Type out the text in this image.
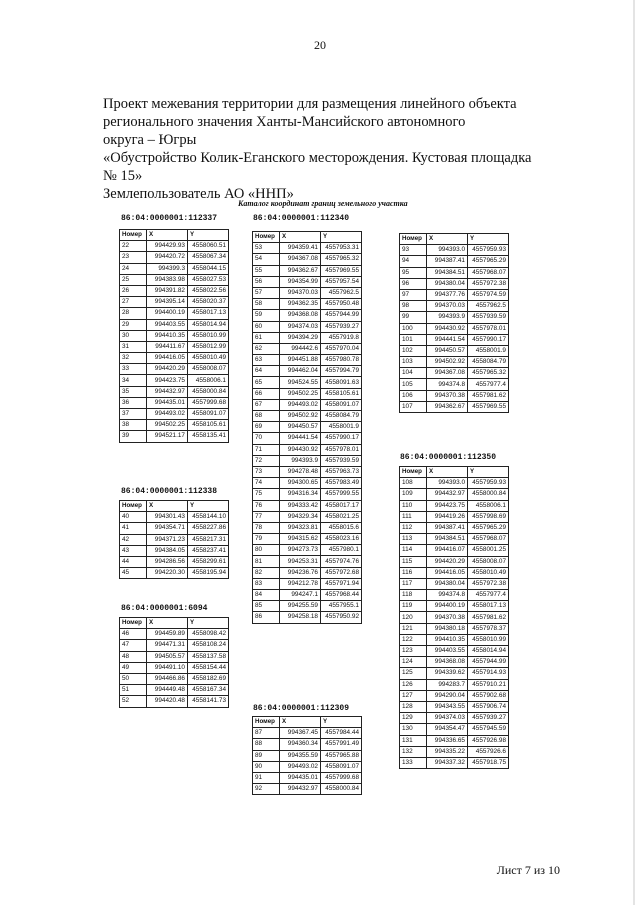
20
Проект межевания территории для размещения линейного объекта
регионального значения Ханты-Мансийского автономного
округа – Югры
«Обустройство Колик-Еганского месторождения. Кустовая площадка
№ 15»
Землепользователь АО «ННП»
Каталог координат границ земельного участка
86:04:0000001:112337
86:04:0000001:112338
86:04:0000001:6094
86:04:0000001:112340
86:04:0000001:112309
86:04:0000001:112350
Номер	X	Y
22	994429.93	4558060.51
23	994420.72	4558067.34
24	994399.3	4558044.15
25	994383.98	4558027.53
26	994391.82	4558022.56
27	994395.14	4558020.37
28	994400.19	4558017.13
29	994403.55	4558014.94
30	994410.35	4558010.99
31	994411.67	4558012.99
32	994416.05	4558010.49
33	994420.29	4558008.07
34	994423.75	4558006.1
35	994432.97	4558000.84
36	994435.01	4557999.68
37	994493.02	4558091.07
38	994502.25	4558105.61
39	994521.17	4558135.41
Номер	X	Y
40	994301.43	4558144.10
41	994354.71	4558227.86
42	994371.23	4558217.31
43	994384.05	4558237.41
44	994286.56	4558299.61
45	994220.30	4558195.94
Номер	X	Y
46	994459.89	4558098.42
47	994471.31	4558108.24
48	994505.57	4558137.58
49	994491.10	4558154.44
50	994466.86	4558182.69
51	994449.48	4558167.34
52	994420.48	4558141.73
Номер	X	Y
53	994359.41	4557953.31
54	994367.08	4557965.32
55	994362.67	4557969.55
56	994354.99	4557957.54
57	994370.03	4557962.5
58	994362.35	4557950.48
59	994368.08	4557944.99
60	994374.03	4557939.27
61	994394.29	4557919.8
62	994442.6	4557970.04
63	994451.88	4557980.78
64	994462.04	4557994.79
65	994524.55	4558091.63
66	994502.25	4558105.61
67	994493.02	4558091.07
68	994502.92	4558084.79
69	994450.57	4558001.9
70	994441.54	4557990.17
71	994430.92	4557978.01
72	994393.9	4557939.59
73	994278.48	4557963.73
74	994300.65	4557983.49
75	994316.34	4557999.55
76	994333.42	4558017.17
77	994329.34	4558021.25
78	994323.81	4558015.6
79	994315.62	4558023.16
80	994273.73	4557980.1
81	994253.31	4557974.76
82	994236.76	4557972.68
83	994212.78	4557971.94
84	994247.1	4557968.44
85	994255.59	4557955.1
86	994258.18	4557950.92
Номер	X	Y
87	994367.45	4557984.44
88	994360.34	4557991.49
89	994355.59	4557965.88
90	994493.02	4558091.07
91	994435.01	4557999.68
92	994432.97	4558000.84
Номер	X	Y
93	994393.0	4557959.93
94	994387.41	4557965.29
95	994384.51	4557968.07
96	994380.04	4557972.38
97	994377.76	4557974.59
98	994370.03	4557962.5
99	994393.9	4557939.59
100	994430.92	4557978.01
101	994441.54	4557990.17
102	994450.57	4558001.9
103	994502.92	4558084.79
104	994367.08	4557965.32
105	994374.8	4557977.4
106	994370.38	4557981.62
107	994362.67	4557969.55
Номер	X	Y
108	994393.0	4557959.93
109	994432.97	4558000.84
110	994423.75	4558006.1
111	994419.26	4557998.69
112	994387.41	4557965.29
113	994384.51	4557968.07
114	994416.07	4558001.25
115	994420.29	4558008.07
116	994416.05	4558010.49
117	994380.04	4557972.38
118	994374.8	4557977.4
119	994400.19	4558017.13
120	994370.38	4557981.62
121	994380.18	4557978.37
122	994410.35	4558010.99
123	994403.55	4558014.94
124	994368.08	4557944.99
125	994339.62	4557914.93
126	994283.7	4557910.21
127	994290.04	4557902.68
128	994343.55	4557906.74
129	994374.03	4557939.27
130	994354.47	4557945.59
131	994336.65	4557926.98
132	994335.22	4557926.6
133	994337.32	4557918.75
Лист 7 из 10
